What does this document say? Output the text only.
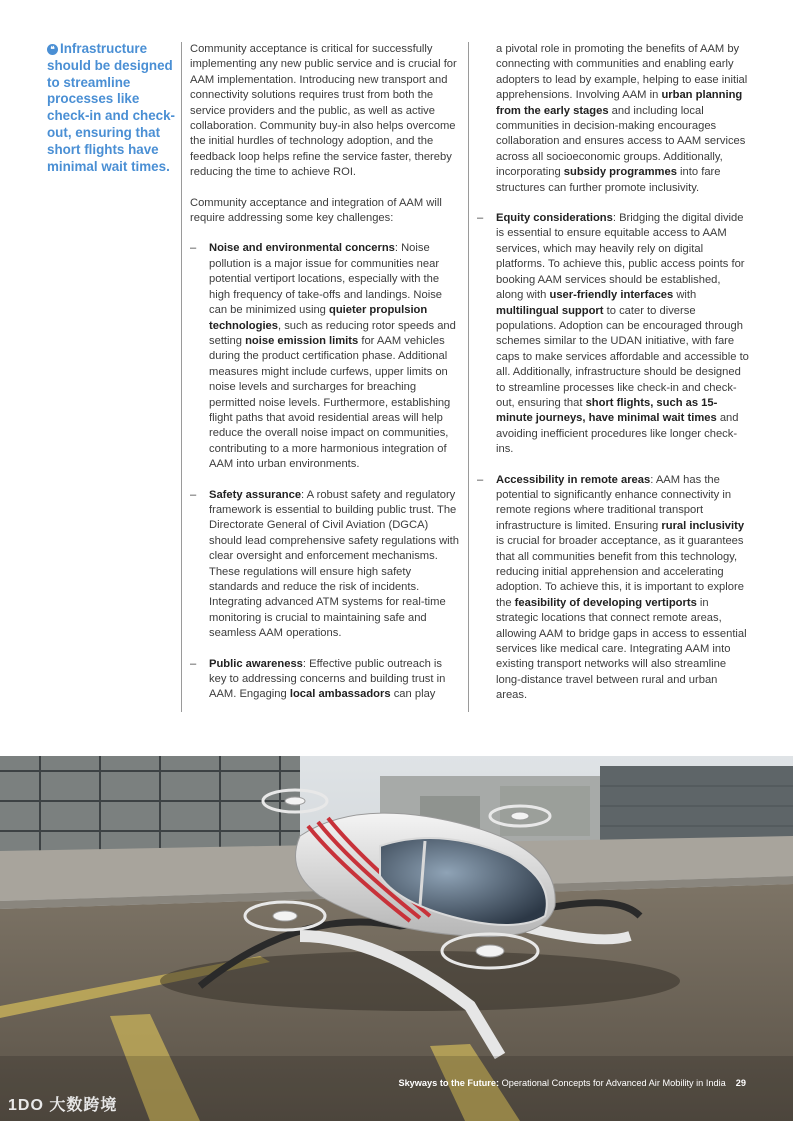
❝ Infrastructure should be designed to streamline processes like check-in and check-out, ensuring that short flights have minimal wait times.

Community acceptance is critical for successfully implementing any new public service and is crucial for AAM implementation. Introducing new transport and connectivity solutions requires trust from both the service providers and the public, as well as active collaboration. Community buy-in also helps overcome the initial hurdles of technology adoption, and the feedback loop helps refine the service faster, thereby reducing the time to achieve ROI.

Community acceptance and integration of AAM will require addressing some key challenges:

– Noise and environmental concerns: Noise pollution is a major issue for communities near potential vertiport locations, especially with the high frequency of take-offs and landings. Noise can be minimized using quieter propulsion technologies, such as reducing rotor speeds and setting noise emission limits for AAM vehicles during the product certification phase. Additional measures might include curfews, upper limits on noise levels and surcharges for breaching permitted noise levels. Furthermore, establishing flight paths that avoid residential areas will help reduce the overall noise impact on communities, contributing to a more harmonious integration of AAM into urban environments.
– Safety assurance: A robust safety and regulatory framework is essential to building public trust. The Directorate General of Civil Aviation (DGCA) should lead comprehensive safety regulations with clear oversight and enforcement mechanisms. These regulations will ensure high safety standards and reduce the risk of incidents. Integrating advanced ATM systems for real-time monitoring is crucial to maintaining safe and seamless AAM operations.
– Public awareness: Effective public outreach is key to addressing concerns and building trust in AAM. Engaging local ambassadors can play

a pivotal role in promoting the benefits of AAM by connecting with communities and enabling early adopters to lead by example, helping to ease initial apprehensions. Involving AAM in urban planning from the early stages and including local communities in decision-making encourages collaboration and ensures access to AAM services across all socioeconomic groups. Additionally, incorporating subsidy programmes into fare structures can further promote inclusivity.

– Equity considerations: Bridging the digital divide is essential to ensure equitable access to AAM services, which may heavily rely on digital platforms. To achieve this, public access points for booking AAM services should be established, along with user-friendly interfaces with multilingual support to cater to diverse populations. Adoption can be encouraged through schemes similar to the UDAN initiative, with fare caps to make services affordable and accessible to all. Additionally, infrastructure should be designed to streamline processes like check-in and check-out, ensuring that short flights, such as 15-minute journeys, have minimal wait times and avoiding inefficient procedures like longer check-ins.
– Accessibility in remote areas: AAM has the potential to significantly enhance connectivity in remote regions where traditional transport infrastructure is limited. Ensuring rural inclusivity is crucial for broader acceptance, as it guarantees that all communities benefit from this technology, reducing initial apprehension and accelerating adoption. To achieve this, it is important to explore the feasibility of developing vertiports in strategic locations that connect remote areas, allowing AAM to bridge gaps in access to essential services like medical care. Integrating AAM into existing transport networks will also streamline long-distance travel between rural and urban areas.
Skyways to the Future: Operational Concepts for Advanced Air Mobility in India 29
1DO 大数跨境
